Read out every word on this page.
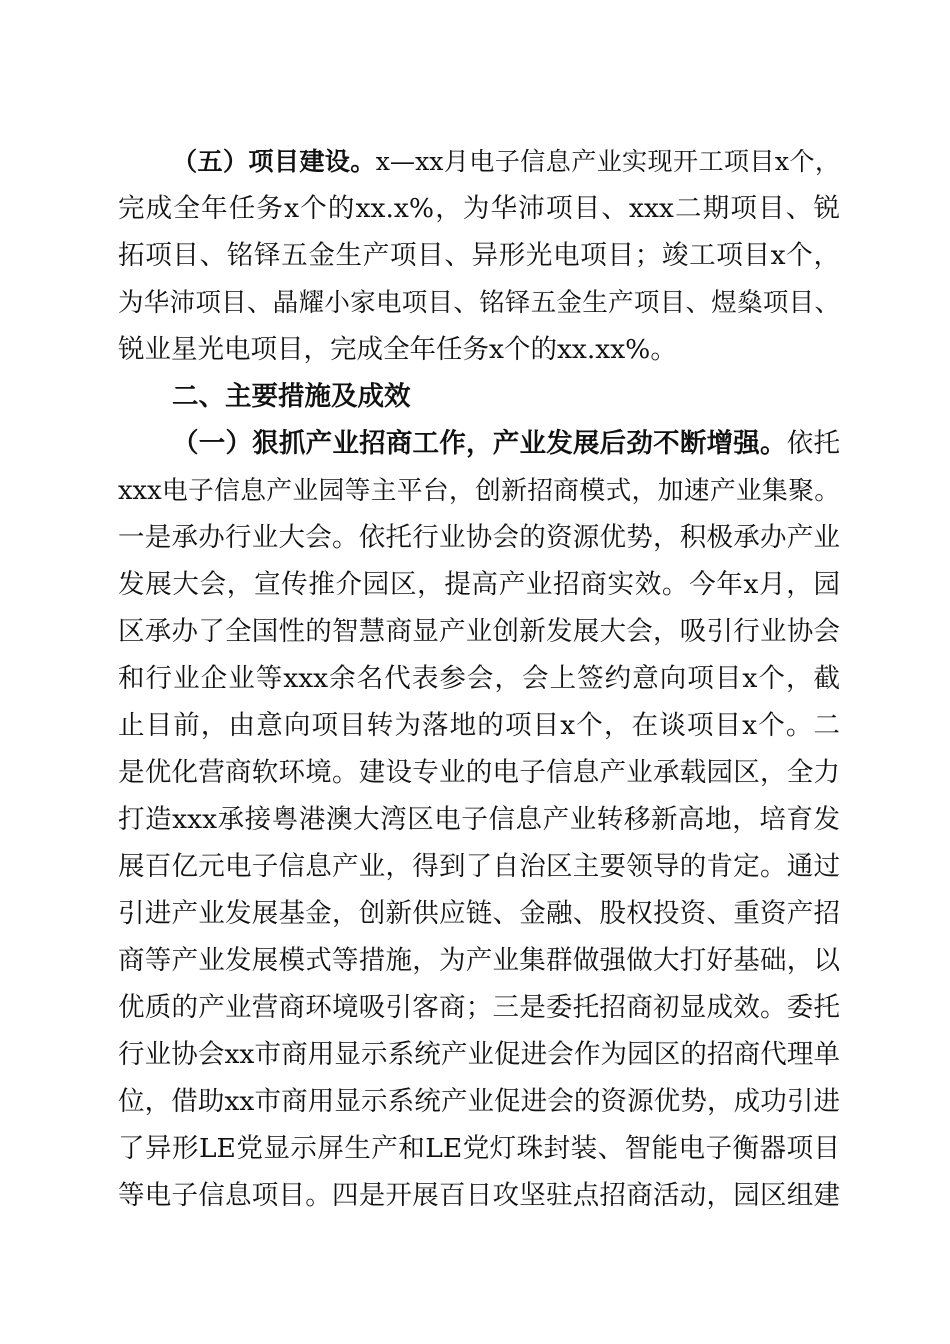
（五）项目建设。x—xx月电子信息产业实现开工项目x个，
完成全年任务x个的xx.x%，为华沛项目、xxx二期项目、锐
拓项目、铭铎五金生产项目、异形光电项目；竣工项目x个，
为华沛项目、晶耀小家电项目、铭铎五金生产项目、煜燊项目、
锐业星光电项目，完成全年任务x个的xx.xx%。
二、主要措施及成效
（一）狠抓产业招商工作，产业发展后劲不断增强。依托
xxx电子信息产业园等主平台，创新招商模式，加速产业集聚。
一是承办行业大会。依托行业协会的资源优势，积极承办产业
发展大会，宣传推介园区，提高产业招商实效。今年x月，园
区承办了全国性的智慧商显产业创新发展大会，吸引行业协会
和行业企业等xxx余名代表参会，会上签约意向项目x个，截
止目前，由意向项目转为落地的项目x个，在谈项目x个。二
是优化营商软环境。建设专业的电子信息产业承载园区，全力
打造xxx承接粤港澳大湾区电子信息产业转移新高地，培育发
展百亿元电子信息产业，得到了自治区主要领导的肯定。通过
引进产业发展基金，创新供应链、金融、股权投资、重资产招
商等产业发展模式等措施，为产业集群做强做大打好基础，以
优质的产业营商环境吸引客商；三是委托招商初显成效。委托
行业协会xx市商用显示系统产业促进会作为园区的招商代理单
位，借助xx市商用显示系统产业促进会的资源优势，成功引进
了异形LE党显示屏生产和LE党灯珠封装、智能电子衡器项目
等电子信息项目。四是开展百日攻坚驻点招商活动，园区组建
